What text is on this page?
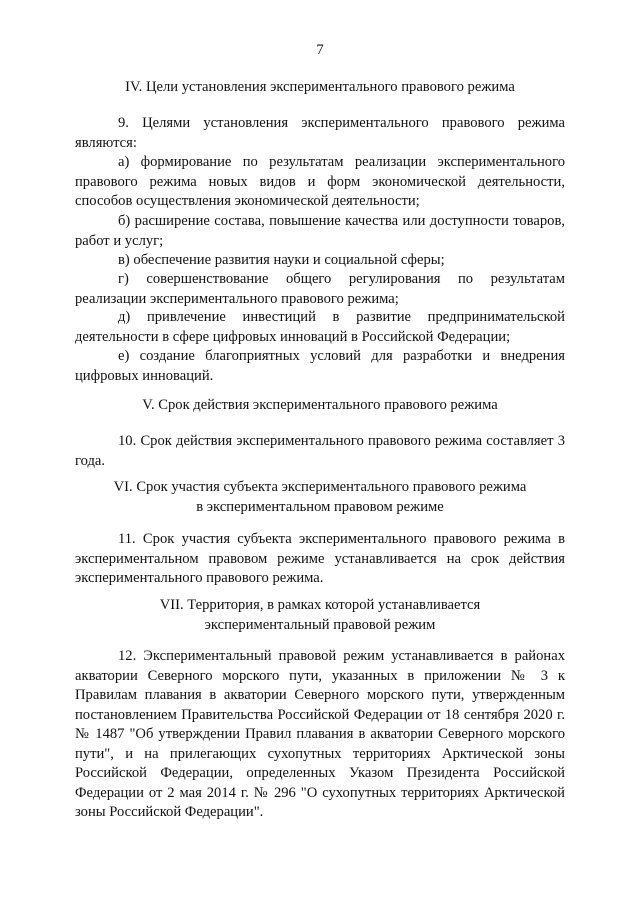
7
IV. Цели установления экспериментального правового режима

9. Целями установления экспериментального правового режима являются:

а) формирование по результатам реализации экспериментального правового режима новых видов и форм экономической деятельности, способов осуществления экономической деятельности;

б) расширение состава, повышение качества или доступности товаров, работ и услуг;

в) обеспечение развития науки и социальной сферы;

г) совершенствование общего регулирования по результатам реализации экспериментального правового режима;

д) привлечение инвестиций в развитие предпринимательской деятельности в сфере цифровых инноваций в Российской Федерации;

е) создание благоприятных условий для разработки и внедрения цифровых инноваций.

V. Срок действия экспериментального правового режима

10. Срок действия экспериментального правового режима составляет 3 года.

VI. Срок участия субъекта экспериментального правового режима
в экспериментальном правовом режиме

11. Срок участия субъекта экспериментального правового режима в экспериментальном правовом режиме устанавливается на срок действия экспериментального правового режима.

VII. Территория, в рамках которой устанавливается
экспериментальный правовой режим

12. Экспериментальный правовой режим устанавливается в районах акватории Северного морского пути, указанных в приложении № 3 к Правилам плавания в акватории Северного морского пути, утвержденным постановлением Правительства Российской Федерации от 18 сентября 2020 г. № 1487 "Об утверждении Правил плавания в акватории Северного морского пути", и на прилегающих сухопутных территориях Арктической зоны Российской Федерации, определенных Указом Президента Российской Федерации от 2 мая 2014 г. № 296 "О сухопутных территориях Арктической зоны Российской Федерации".
